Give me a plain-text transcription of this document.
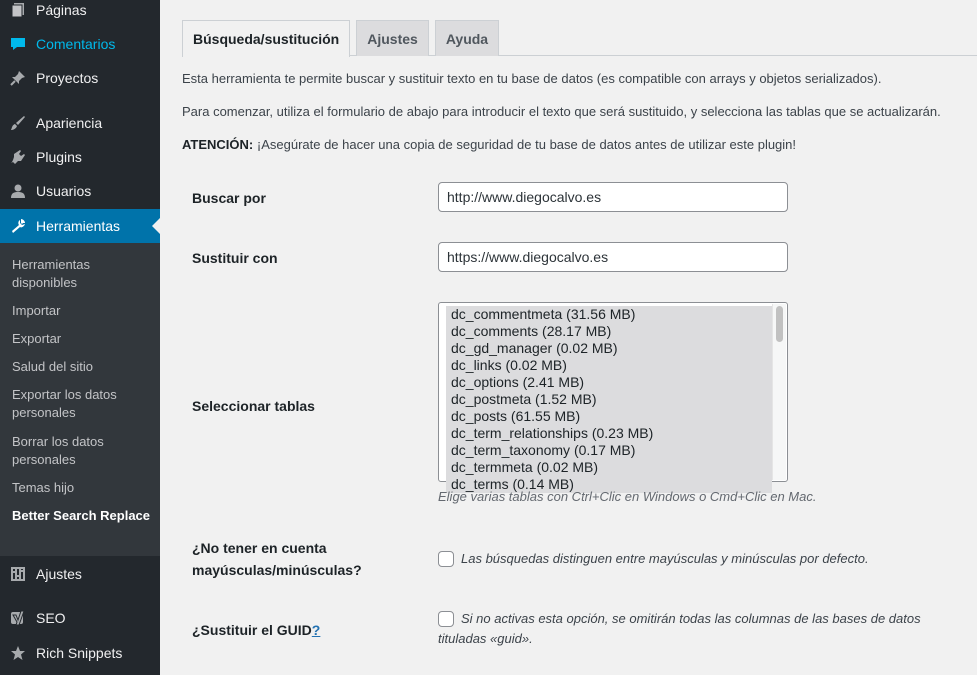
Páginas
Comentarios
Proyectos
Apariencia
Plugins
Usuarios
Herramientas
Herramientas disponibles
Importar
Exportar
Salud del sitio
Exportar los datos personales
Borrar los datos personales
Temas hijo
Better Search Replace
Ajustes
SEO
Rich Snippets
Búsqueda/sustitución	Ajustes	Ayuda
Esta herramienta te permite buscar y sustituir texto en tu base de datos (es compatible con arrays y objetos serializados).
Para comenzar, utiliza el formulario de abajo para introducir el texto que será sustituido, y selecciona las tablas que se actualizarán.
ATENCIÓN: ¡Asegúrate de hacer una copia de seguridad de tu base de datos antes de utilizar este plugin!
Buscar por
http://www.diegocalvo.es
Sustituir con
https://www.diegocalvo.es
Seleccionar tablas
dc_commentmeta (31.56 MB)
dc_comments (28.17 MB)
dc_gd_manager (0.02 MB)
dc_links (0.02 MB)
dc_options (2.41 MB)
dc_postmeta (1.52 MB)
dc_posts (61.55 MB)
dc_term_relationships (0.23 MB)
dc_term_taxonomy (0.17 MB)
dc_termmeta (0.02 MB)
dc_terms (0.14 MB)
Elige varias tablas con Ctrl+Clic en Windows o Cmd+Clic en Mac.
¿No tener en cuenta
mayúsculas/minúsculas?
Las búsquedas distinguen entre mayúsculas y minúsculas por defecto.
¿Sustituir el GUID?
Si no activas esta opción, se omitirán todas las columnas de las bases de datos
tituladas «guid».
